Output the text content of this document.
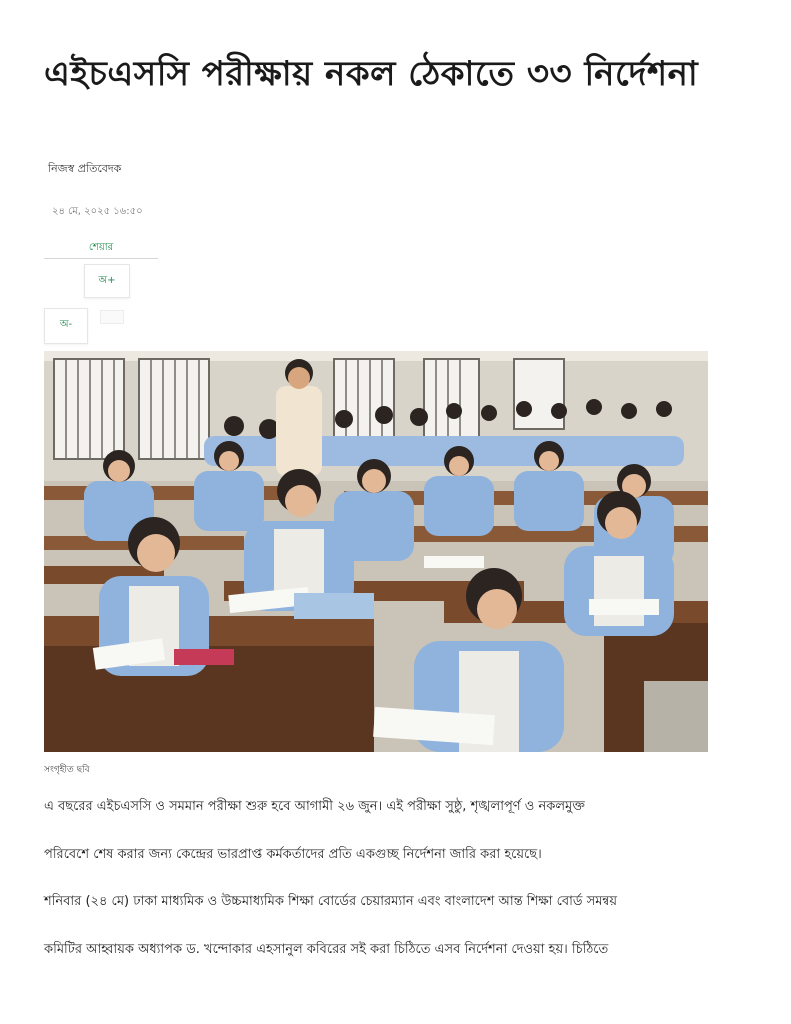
এইচএসসি পরীক্ষায় নকল ঠেকাতে ৩৩ নির্দেশনা
নিজস্ব প্রতিবেদক
২৪ মে, ২০২৫ ১৬:৫০
শেয়ার
অ+
অ-
সংগৃহীত ছবি
এ বছরের এইচএসসি ও সমমান পরীক্ষা শুরু হবে আগামী ২৬ জুন। এই পরীক্ষা সুষ্ঠু, শৃঙ্খলাপূর্ণ ও নকলমুক্ত
পরিবেশে শেষ করার জন্য কেন্দ্রের ভারপ্রাপ্ত কর্মকর্তাদের প্রতি একগুচ্ছ নির্দেশনা জারি করা হয়েছে।
শনিবার (২৪ মে) ঢাকা মাধ্যমিক ও উচ্চমাধ্যমিক শিক্ষা বোর্ডের চেয়ারম্যান এবং বাংলাদেশ আন্ত শিক্ষা বোর্ড সমন্বয়
কমিটির আহ্বায়ক অধ্যাপক ড. খন্দোকার এহসানুল কবিরের সই করা চিঠিতে এসব নির্দেশনা দেওয়া হয়। চিঠিতে
